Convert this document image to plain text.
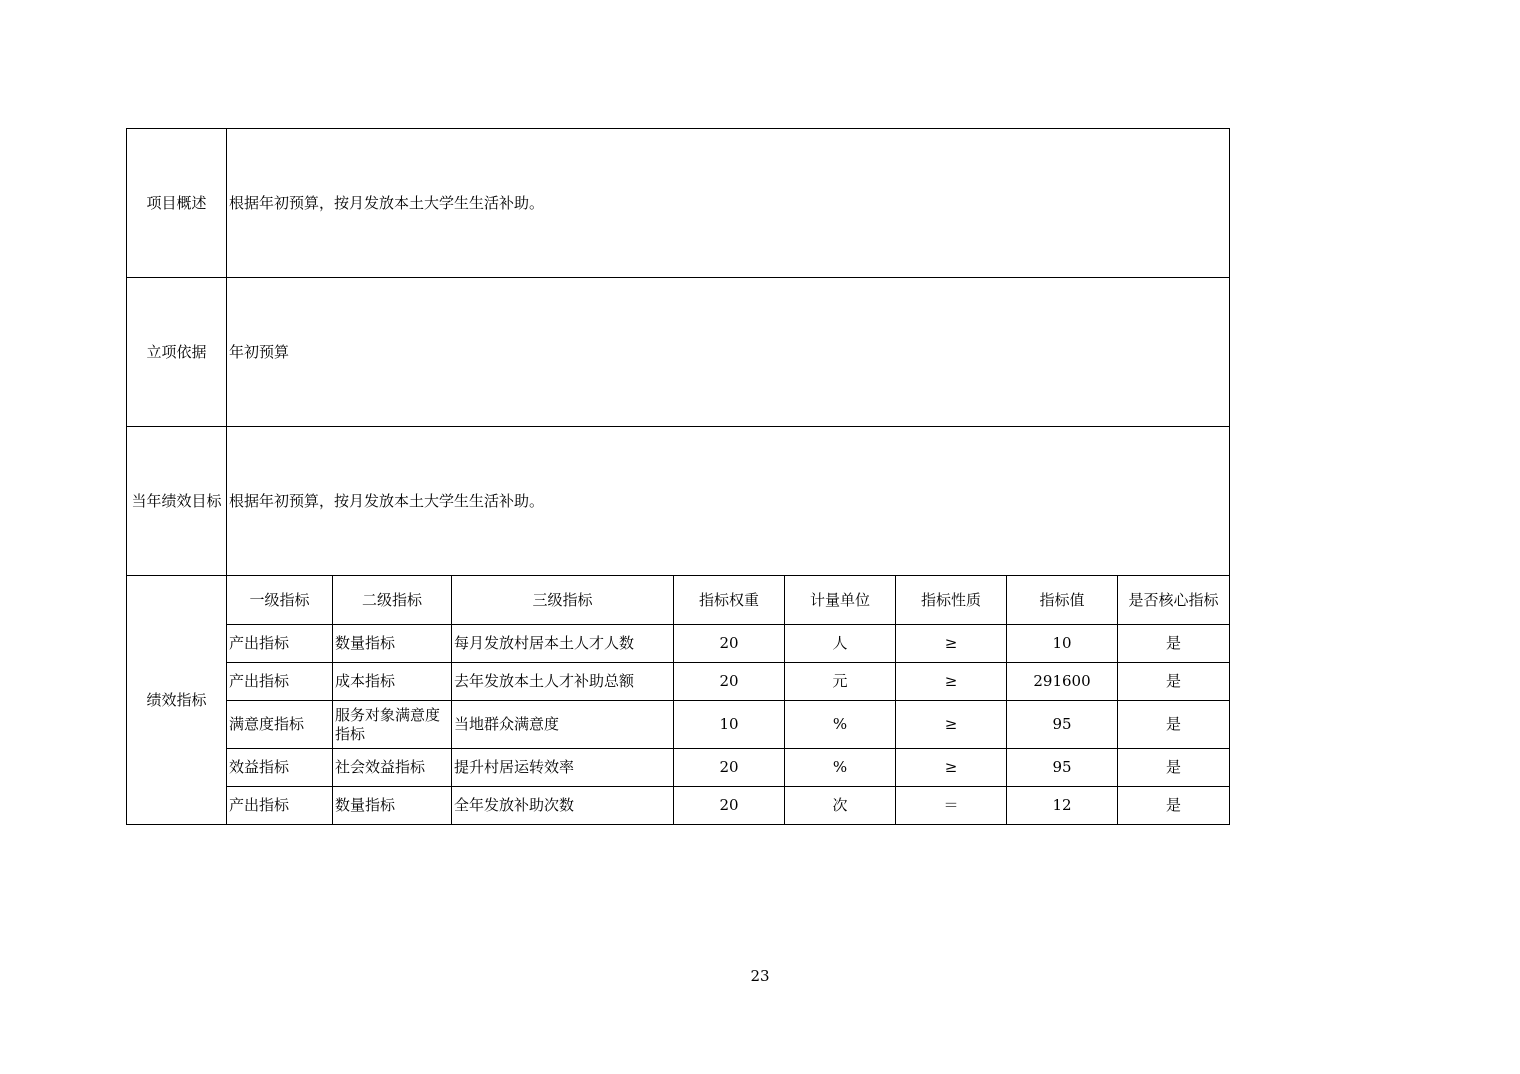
项目概述	根据年初预算，按月发放本土大学生生活补助。							
立项依据	年初预算							
当年绩效目标	根据年初预算，按月发放本土大学生生活补助。							
绩效指标	一级指标	二级指标	三级指标	指标权重	计量单位	指标性质	指标值	是否核心指标
	产出指标	数量指标	每月发放村居本土人才人数	20	人	≥	10	是
	产出指标	成本指标	去年发放本土人才补助总额	20	元	≥	291600	是
	满意度指标	服务对象满意度指标	当地群众满意度	10	%	≥	95	是
	效益指标	社会效益指标	提升村居运转效率	20	%	≥	95	是
	产出指标	数量指标	全年发放补助次数	20	次	＝	12	是
23
